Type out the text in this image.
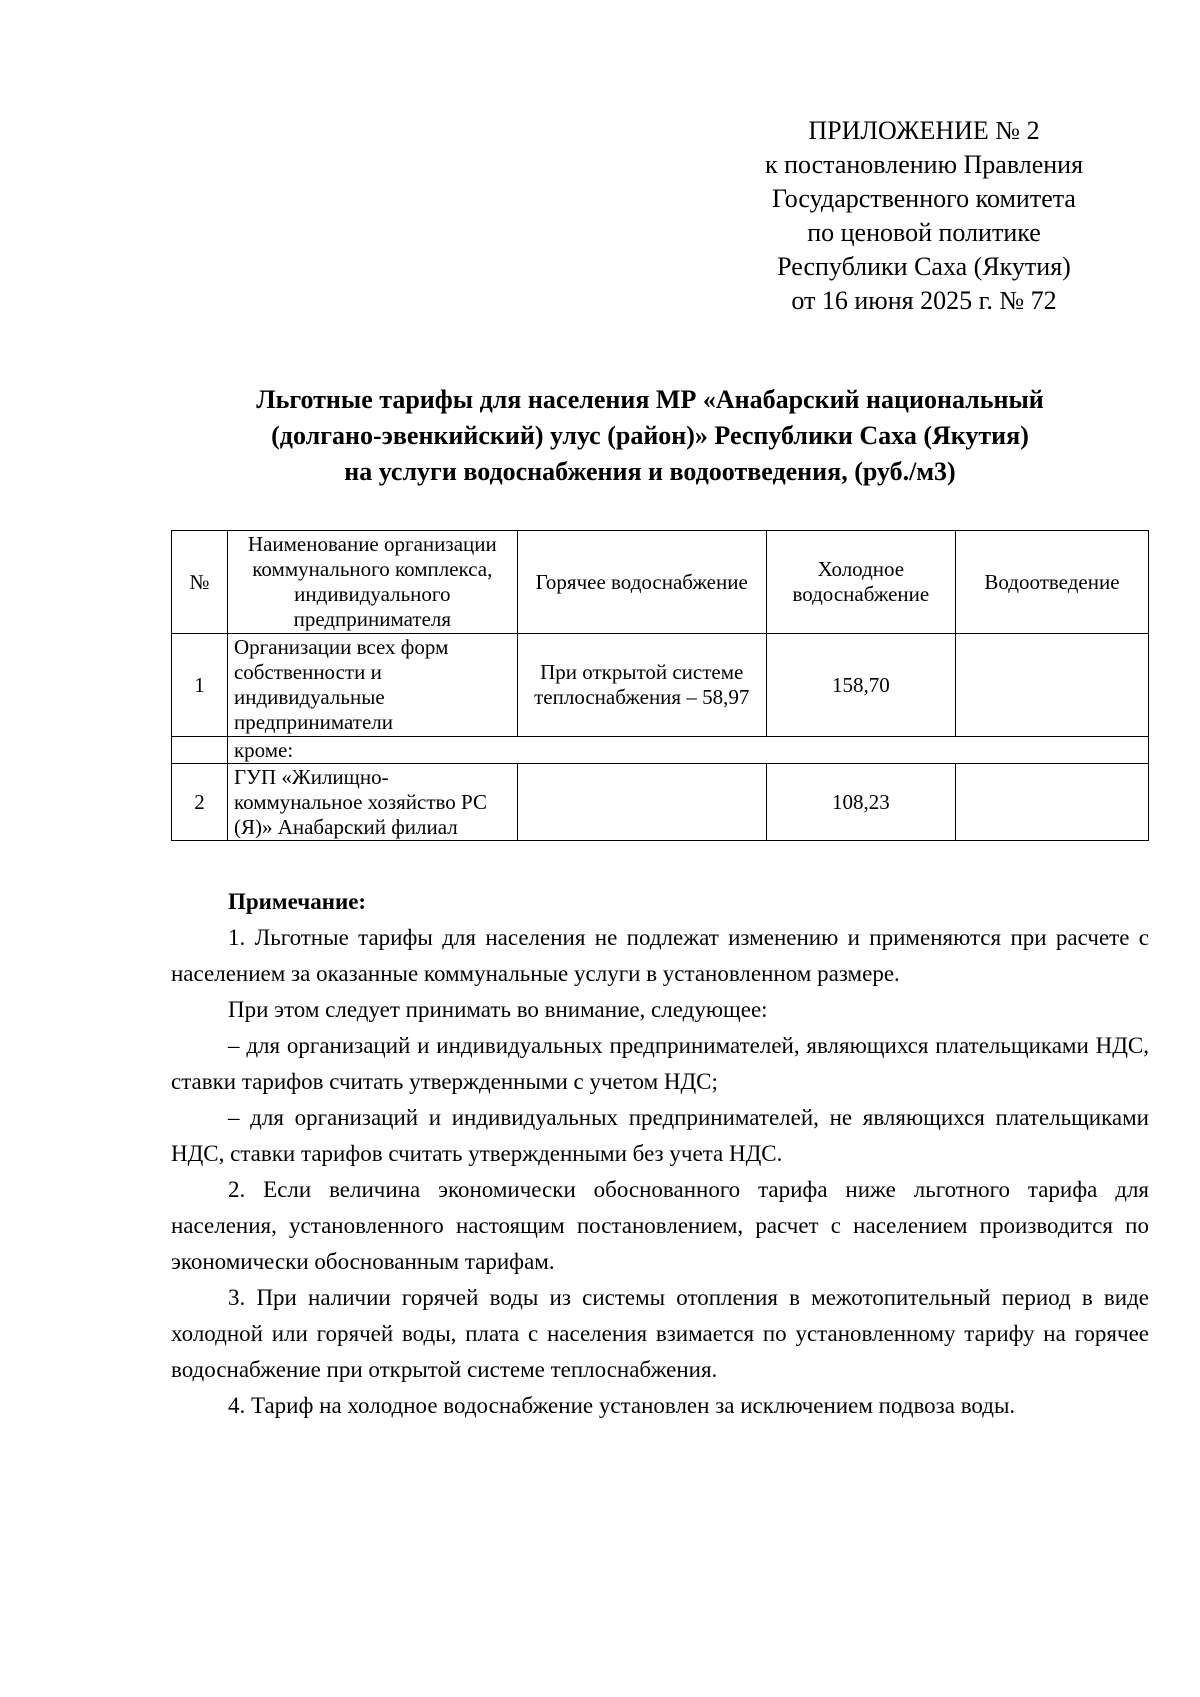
ПРИЛОЖЕНИЕ № 2
к постановлению Правления
Государственного комитета
по ценовой политике
Республики Саха (Якутия)
от 16 июня 2025 г. № 72
Льготные тарифы для населения МР «Анабарский национальный
(долгано-эвенкийский) улус (район)» Республики Саха (Якутия)
на услуги водоснабжения и водоотведения, (руб./м3)
№	Наименование организации коммунального комплекса, индивидуального предпринимателя	Горячее водоснабжение	Холодное водоснабжение	Водоотведение
1	Организации всех форм собственности и индивидуальные предприниматели	При открытой системе теплоснабжения – 58,97	158,70	
	кроме:			
2	ГУП «Жилищно-коммунальное хозяйство РС (Я)» Анабарский филиал		108,23	
Примечание:

1. Льготные тарифы для населения не подлежат изменению и применяются при расчете с населением за оказанные коммунальные услуги в установленном размере.

При этом следует принимать во внимание, следующее:

– для организаций и индивидуальных предпринимателей, являющихся плательщиками НДС, ставки тарифов считать утвержденными с учетом НДС;

– для организаций и индивидуальных предпринимателей, не являющихся плательщиками НДС, ставки тарифов считать утвержденными без учета НДС.

2. Если величина экономически обоснованного тарифа ниже льготного тарифа для населения, установленного настоящим постановлением, расчет с населением производится по экономически обоснованным тарифам.

3. При наличии горячей воды из системы отопления в межотопительный период в виде холодной или горячей воды, плата с населения взимается по установленному тарифу на горячее водоснабжение при открытой системе теплоснабжения.

4. Тариф на холодное водоснабжение установлен за исключением подвоза воды.
